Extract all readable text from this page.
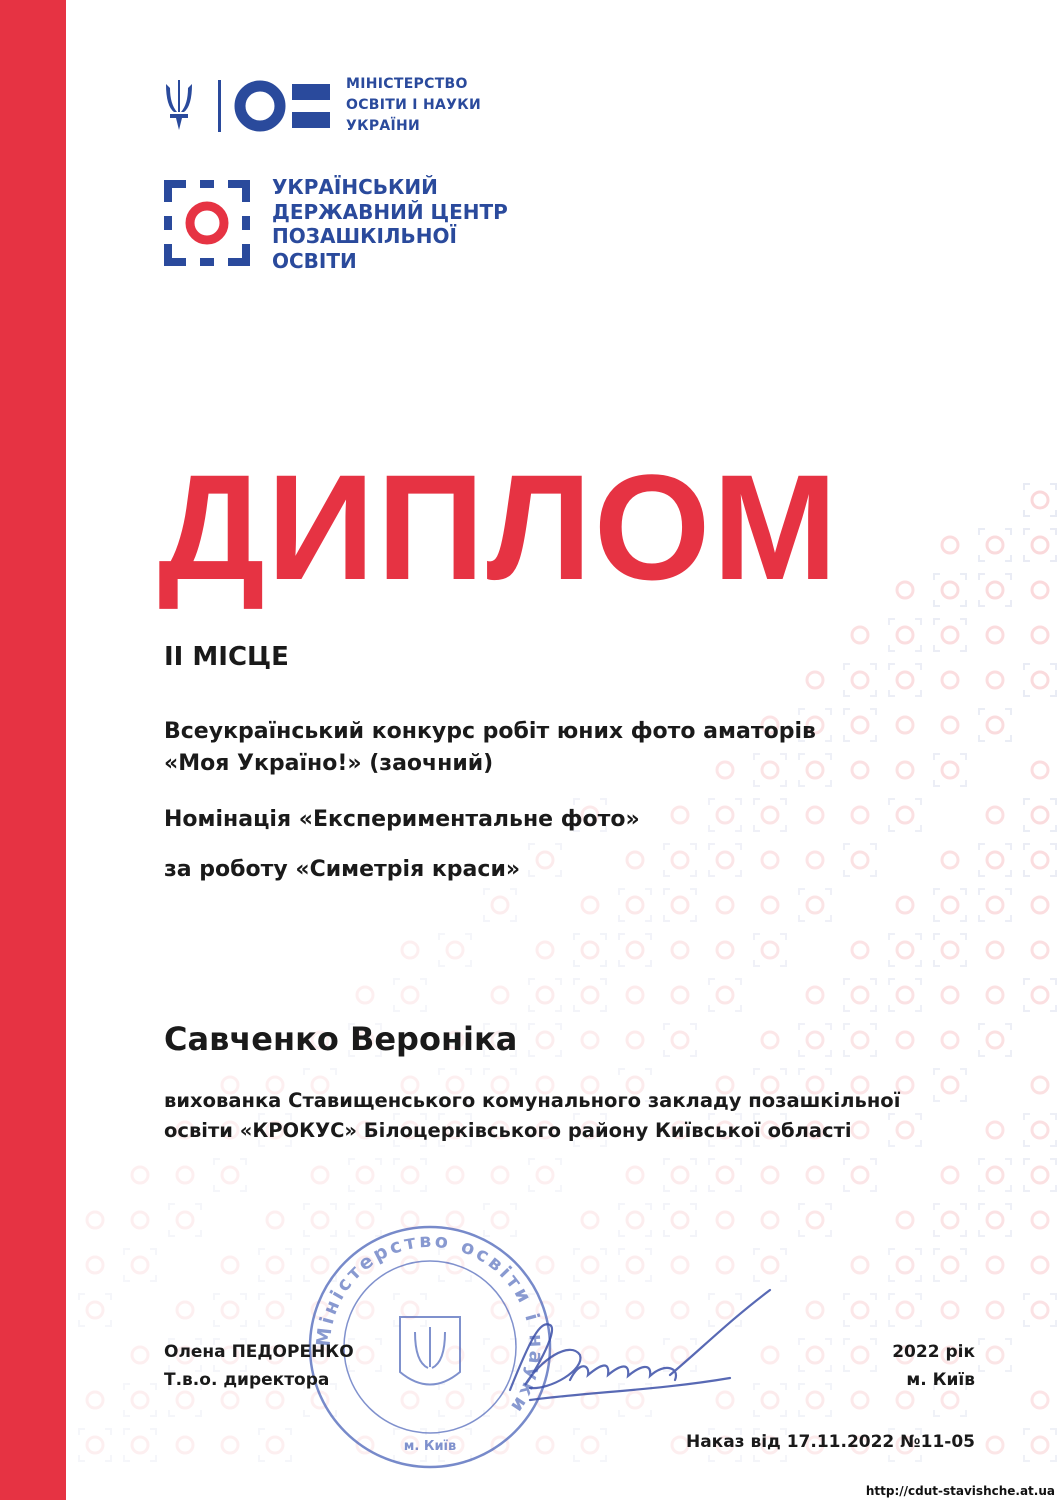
МІНІСТЕРСТВО
ОСВІТИ І НАУКИ
УКРАЇНИ
УКРАЇНСЬКИЙ
ДЕРЖАВНИЙ ЦЕНТР
ПОЗАШКІЛЬНОЇ
ОСВІТИ
ДИПЛОМ
ІІ МІСЦЕ
Всеукраїнський конкурс робіт юних фото аматорів
«Моя Україно!» (заочний)
Номінація «Експериментальне фото»
за роботу «Симетрія краси»
Савченко Вероніка
вихованка Ставищенського комунального закладу позашкільної
освіти «КРОКУС» Білоцерківського району Київської області
Міністерство освіти і науки
м. Київ
Олена ПЕДОРЕНКО
Т.в.о. директора
2022 рік
м. Київ
Наказ від 17.11.2022 №11-05
http://cdut-stavishche.at.ua
